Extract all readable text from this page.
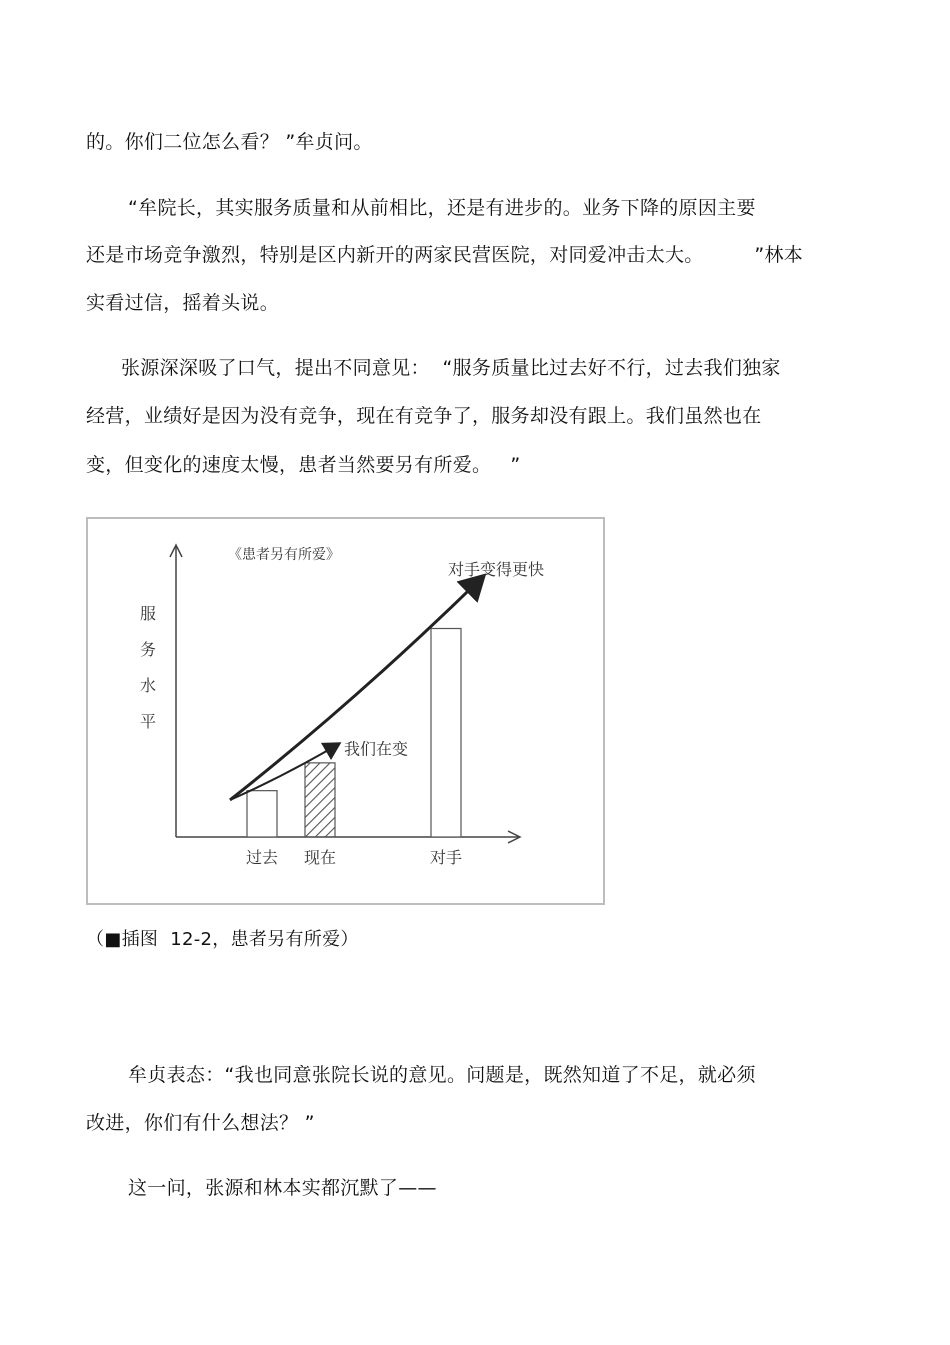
的。你们二位怎么看？ ”牟贞问。
“牟院长，其实服务质量和从前相比，还是有进步的。业务下降的原因主要
还是市场竞争激烈，特别是区内新开的两家民营医院，对同爱冲击太大。        ”林本
实看过信，摇着头说。
张源深深吸了口气，提出不同意见：  “服务质量比过去好不行，过去我们独家
经营，业绩好是因为没有竞争，现在有竞争了，服务却没有跟上。我们虽然也在
变，但变化的速度太慢，患者当然要另有所爱。   ”
《患者另有所爱》
服
务
水
平
过去 现在	对手
我们在变
对手变得更快
（■插图  12-2，患者另有所爱）
牟贞表态：“我也同意张院长说的意见。问题是，既然知道了不足，就必须
改进，你们有什么想法？ ”
这一问，张源和林本实都沉默了——
